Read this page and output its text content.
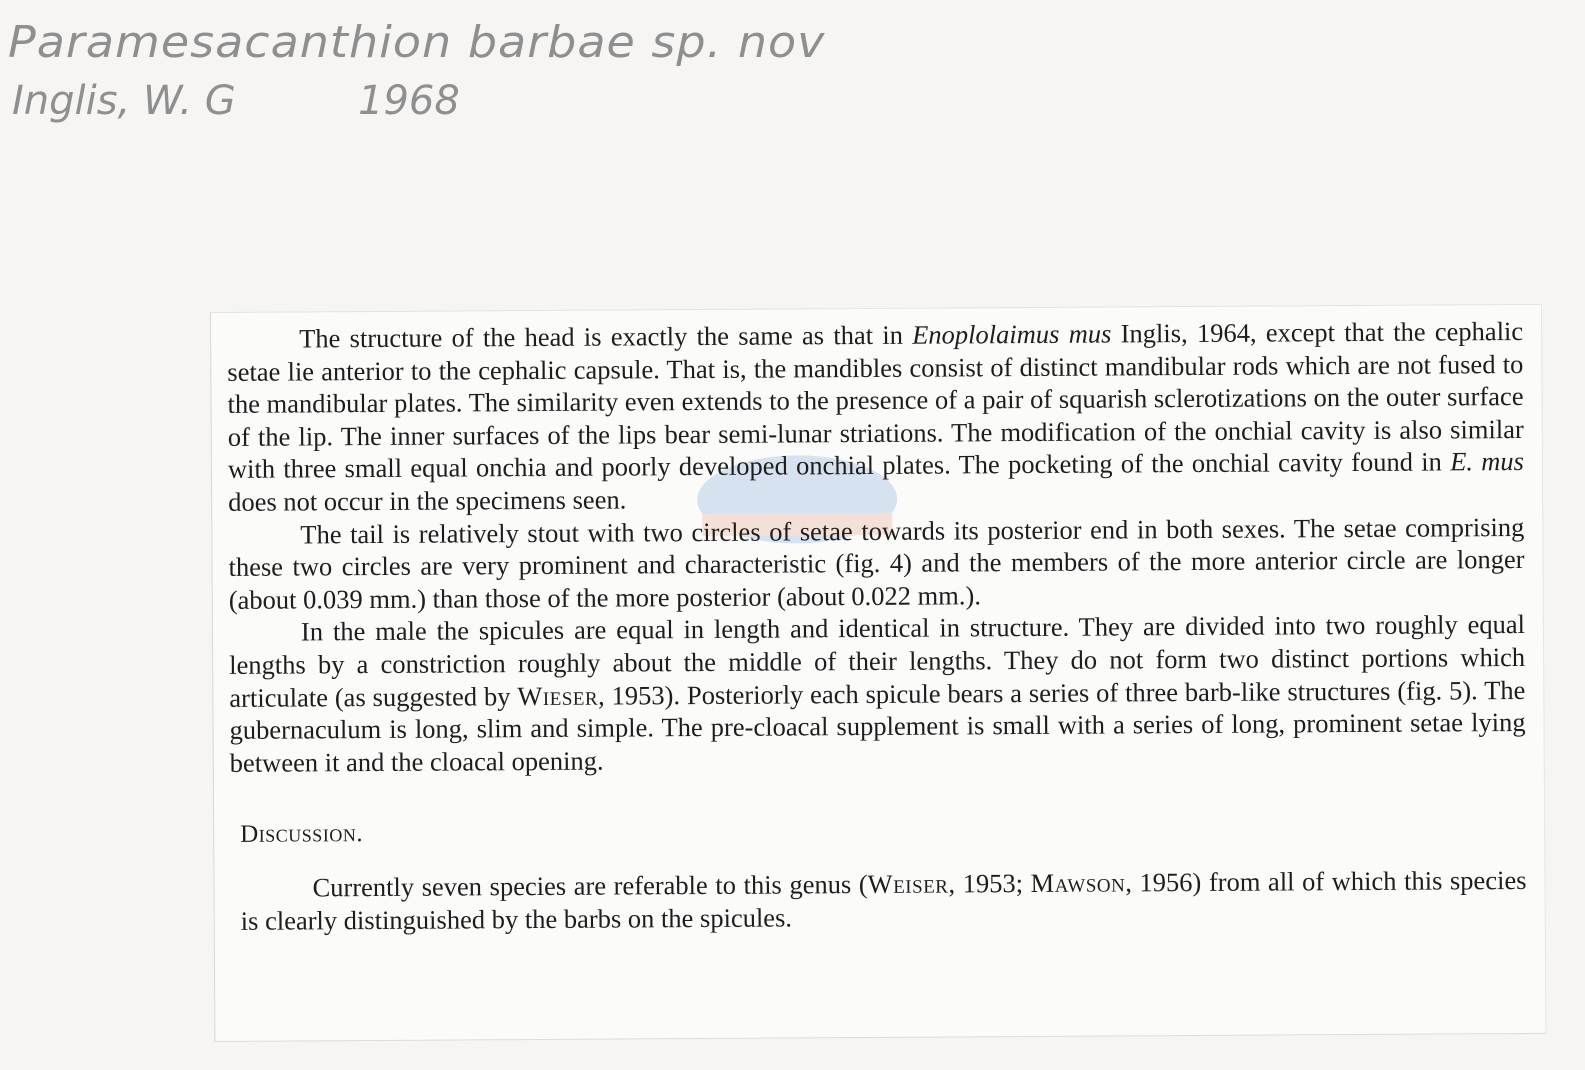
Paramesacanthion barbae sp. nov
Inglis, W. G	1968

The structure of the head is exactly the same as that in Enoplolaimus mus Inglis, 1964, except that the cephalic setae lie anterior to the cephalic capsule. That is, the mandibles consist of distinct mandibular rods which are not fused to the mandibular plates. The similarity even extends to the presence of a pair of squarish sclerotizations on the outer surface of the lip. The inner surfaces of the lips bear semi-lunar striations. The modification of the onchial cavity is also similar with three small equal onchia and poorly developed onchial plates. The pocketing of the onchial cavity found in E. mus does not occur in the specimens seen.

The tail is relatively stout with two circles of setae towards its posterior end in both sexes. The setae comprising these two circles are very prominent and characteristic (fig. 4) and the members of the more anterior circle are longer (about 0.039 mm.) than those of the more posterior (about 0.022 mm.).

In the male the spicules are equal in length and identical in structure. They are divided into two roughly equal lengths by a constriction roughly about the middle of their lengths. They do not form two distinct portions which articulate (as suggested by Wieser, 1953). Posteriorly each spicule bears a series of three barb-like structures (fig. 5). The gubernaculum is long, slim and simple. The pre-cloacal supplement is small with a series of long, prominent setae lying between it and the cloacal opening.

Discussion.

Currently seven species are referable to this genus (Weiser, 1953; Mawson, 1956) from all of which this species is clearly distinguished by the barbs on the spicules.
